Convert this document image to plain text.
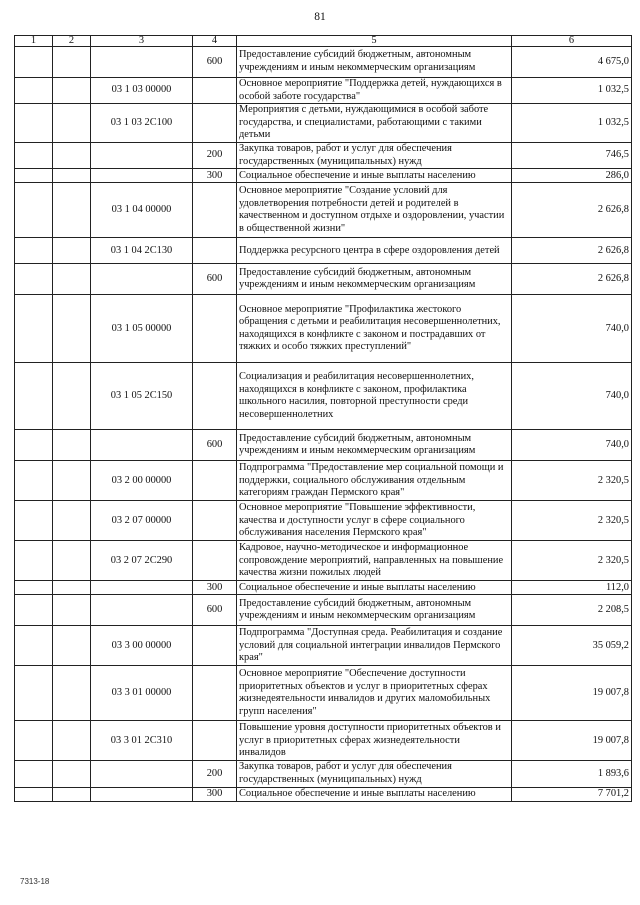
81
1	2	3	4	5	6
			600	Предоставление субсидий бюджетным, автономным учреждениям и иным некоммерческим организациям	4 675,0
		03 1 03 00000		Основное мероприятие "Поддержка детей, нуждающихся в особой заботе государства"	1 032,5
		03 1 03 2С100		Мероприятия с детьми, нуждающимися в особой заботе государства, и специалистами, работающими с такими детьми	1 032,5
			200	Закупка товаров, работ и услуг для обеспечения государственных (муниципальных) нужд	746,5
			300	Социальное обеспечение и иные выплаты населению	286,0
		03 1 04 00000		Основное мероприятие "Создание условий для удовлетворения потребности детей и родителей в качественном и доступном отдыхе и оздоровлении, участии в общественной жизни"	2 626,8
		03 1 04 2С130		Поддержка ресурсного центра в сфере оздоровления детей	2 626,8
			600	Предоставление субсидий бюджетным, автономным учреждениям и иным некоммерческим организациям	2 626,8
		03 1 05 00000		Основное мероприятие "Профилактика жестокого обращения с детьми и реабилитация несовершеннолетних, находящихся в конфликте с законом и пострадавших от тяжких и особо тяжких преступлений"	740,0
		03 1 05 2С150		Социализация и реабилитация несовершеннолетних, находящихся в конфликте с законом, профилактика школьного насилия, повторной преступности среди несовершеннолетних	740,0
			600	Предоставление субсидий бюджетным, автономным учреждениям и иным некоммерческим организациям	740,0
		03 2 00 00000		Подпрограмма "Предоставление мер социальной помощи и поддержки, социального обслуживания отдельным категориям граждан Пермского края"	2 320,5
		03 2 07 00000		Основное мероприятие "Повышение эффективности, качества и доступности услуг в сфере социального обслуживания населения Пермского края"	2 320,5
		03 2 07 2С290		Кадровое, научно-методическое и информационное сопровождение мероприятий, направленных на повышение качества жизни пожилых людей	2 320,5
			300	Социальное обеспечение и иные выплаты населению	112,0
			600	Предоставление субсидий бюджетным, автономным учреждениям и иным некоммерческим организациям	2 208,5
		03 3 00 00000		Подпрограмма "Доступная среда. Реабилитация и создание условий для социальной интеграции инвалидов Пермского края"	35 059,2
		03 3 01 00000		Основное мероприятие "Обеспечение доступности приоритетных объектов и услуг в приоритетных сферах жизнедеятельности инвалидов и других маломобильных групп населения"	19 007,8
		03 3 01 2С310		Повышение уровня доступности приоритетных объектов и услуг в приоритетных сферах жизнедеятельности инвалидов	19 007,8
			200	Закупка товаров, работ и услуг для обеспечения государственных (муниципальных) нужд	1 893,6
			300	Социальное обеспечение и иные выплаты населению	7 701,2
7313-18
